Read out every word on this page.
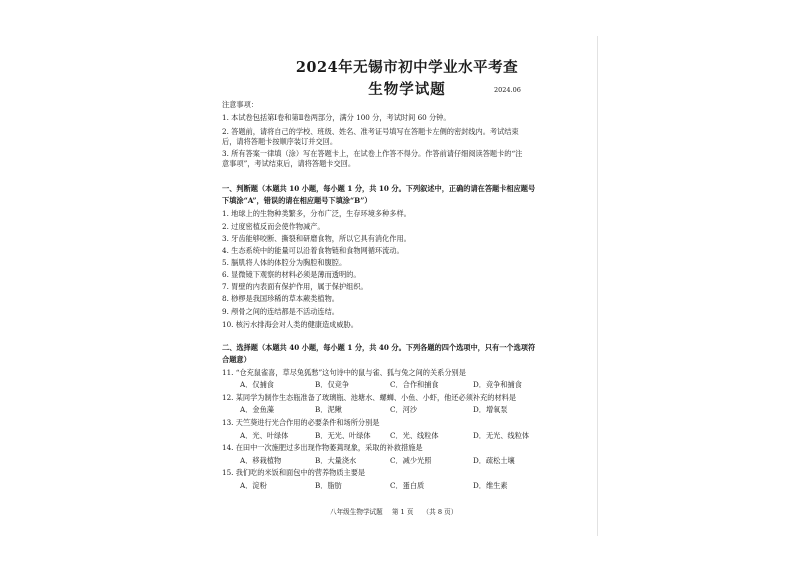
2024年无锡市初中学业水平考查
生物学试题	2024.06
注意事项：
1. 本试卷包括第Ⅰ卷和第Ⅱ卷两部分，满分 100 分，考试时间 60 分钟。
2. 答题前，请将自己的学校、班级、姓名、准考证号填写在答题卡左侧的密封线内。考试结束
后，请将答题卡按顺序装订并交回。
3. 所有答案一律填（涂）写在答题卡上，在试卷上作答不得分。作答前请仔细阅读答题卡的“注
意事项”，考试结束后，请将答题卡交回。
一、判断题（本题共 10 小题，每小题 1 分，共 10 分。下列叙述中，正确的请在答题卡相应题号
下填涂“A”，错误的请在相应题号下填涂“B”）
1. 地球上的生物种类繁多，分布广泛，生存环境多种多样。
2. 过度密植反而会使作物减产。
3. 牙齿能够咬断、撕裂和研磨食物，所以它具有消化作用。
4. 生态系统中的能量可以沿着食物链和食物网循环流动。
5. 膈肌将人体的体腔分为胸腔和腹腔。
6. 显微镜下观察的材料必须是薄而透明的。
7. 胃壁的内表面有保护作用，属于保护组织。
8. 桫椤是我国珍稀的草本蕨类植物。
9. 颅骨之间的连结都是不活动连结。
10. 核污水排海会对人类的健康造成威胁。
二、选择题（本题共 40 小题，每小题 1 分，共 40 分。下列各题的四个选项中，只有一个选项符
合题意）
11. “仓充鼠雀喜，草尽兔狐愁”这句诗中的鼠与雀、狐与兔之间的关系分别是
A．仅捕食	B．仅竞争	C．合作和捕食	D．竞争和捕食
12. 某同学为制作生态瓶准备了玻璃瓶、池塘水、螺蛳、小鱼、小虾，他还必须补充的材料是
A．金鱼藻	B．泥鳅	C．河沙	D．增氧泵
13. 天竺葵进行光合作用的必要条件和场所分别是
A．光、叶绿体	B．无光、叶绿体	C．光、线粒体	D．无光、线粒体
14. 在田中一次施肥过多出现作物萎蔫现象，采取的补救措施是
A．移栽植物	B．大量浇水	C．减少光照	D．疏松土壤
15. 我们吃的米饭和面包中的营养物质主要是
A．淀粉	B．脂肪	C．蛋白质	D．维生素
八年级生物学试题 第 1 页 （共 8 页）
